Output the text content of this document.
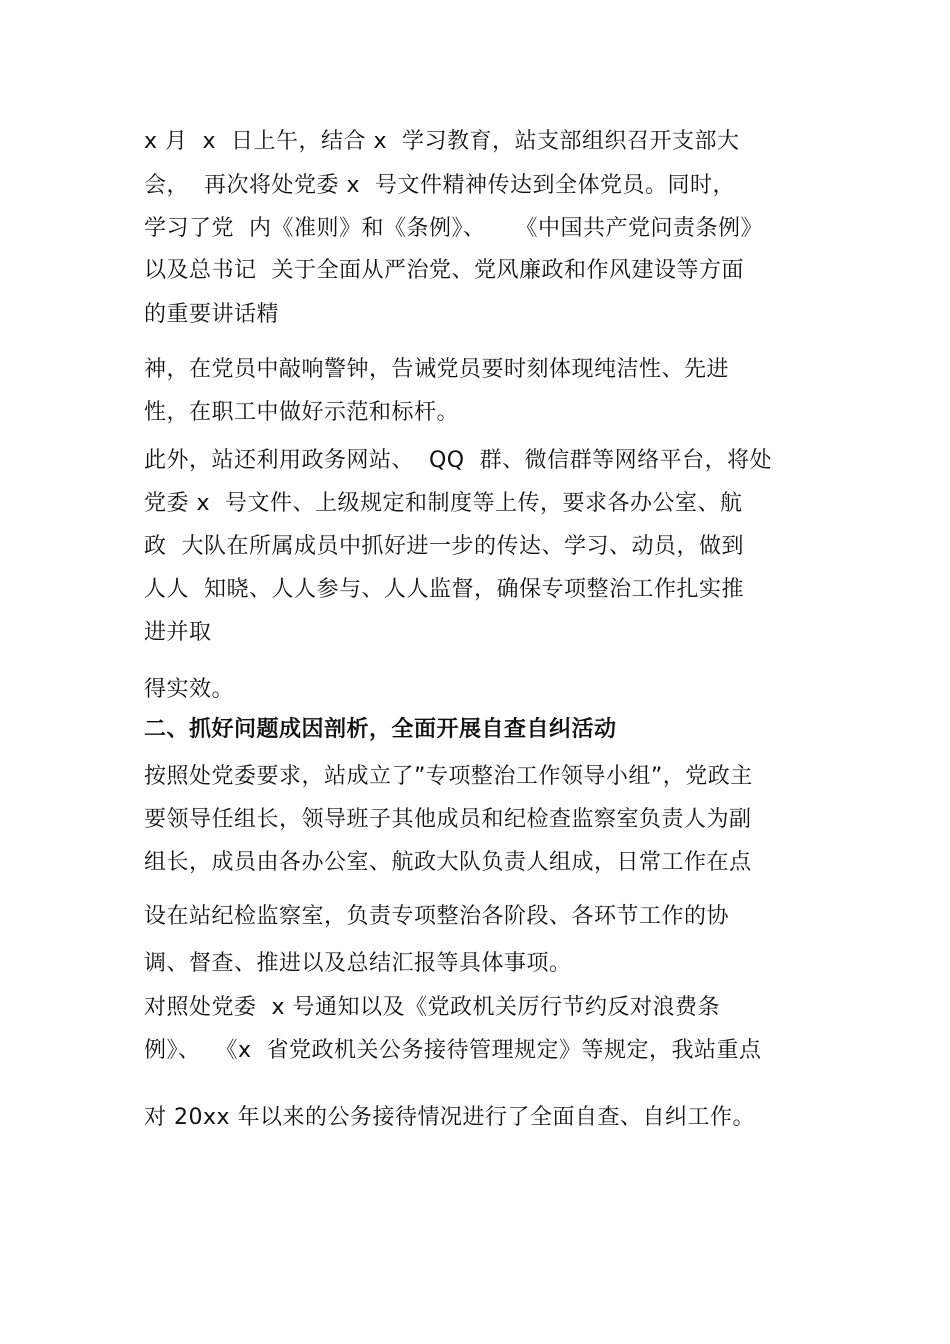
x 月  x  日上午，结合 x  学习教育，站支部组织召开支部大
会，  再次将处党委 x  号文件精神传达到全体党员。同时，
学习了党  内《准则》和《条例》、    《中国共产党问责条例》
以及总书记  关于全面从严治党、党风廉政和作风建设等方面
的重要讲话精
神，在党员中敲响警钟，告诫党员要时刻体现纯洁性、先进
性，在职工中做好示范和标杆。
此外，站还利用政务网站、  QQ  群、微信群等网络平台，将处
党委 x  号文件、上级规定和制度等上传，要求各办公室、航
政  大队在所属成员中抓好进一步的传达、学习、动员，做到
人人  知晓、人人参与、人人监督，确保专项整治工作扎实推
进并取
得实效。
二、抓好问题成因剖析，全面开展自查自纠活动
按照处党委要求，站成立了”专项整治工作领导小组”，党政主
要领导任组长，领导班子其他成员和纪检查监察室负责人为副
组长，成员由各办公室、航政大队负责人组成，日常工作在点
设在站纪检监察室，负责专项整治各阶段、各环节工作的协
调、督查、推进以及总结汇报等具体事项。
对照处党委  x 号通知以及《党政机关厉行节约反对浪费条
例》、  《x  省党政机关公务接待管理规定》等规定，我站重点
对 20xx 年以来的公务接待情况进行了全面自查、自纠工作。
